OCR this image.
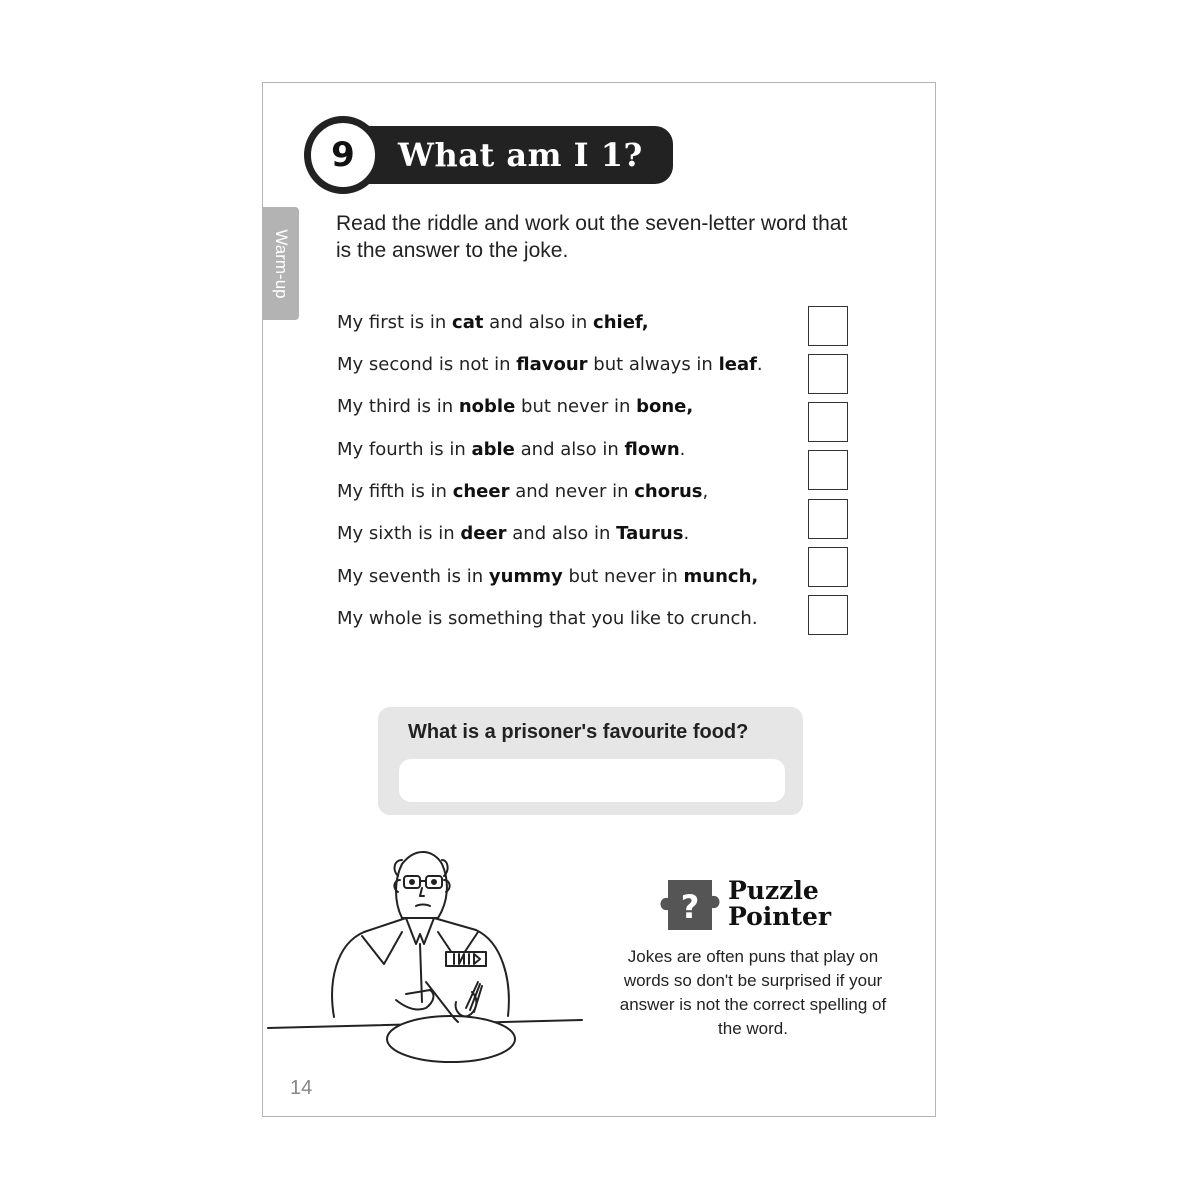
Warm-up
What am I 1?
9
Read the riddle and work out the seven-letter word that is the answer to the joke.
My first is in cat and also in chief,
My second is not in flavour but always in leaf.
My third is in noble but never in bone,
My fourth is in able and also in flown.
My fifth is in cheer and never in chorus,
My sixth is in deer and also in Taurus.
My seventh is in yummy but never in munch,
My whole is something that you like to crunch.
What is a prisoner's favourite food?
? Puzzle
Pointer
Jokes are often puns that play on words so don't be surprised if your answer is not the correct spelling of the word.
14
